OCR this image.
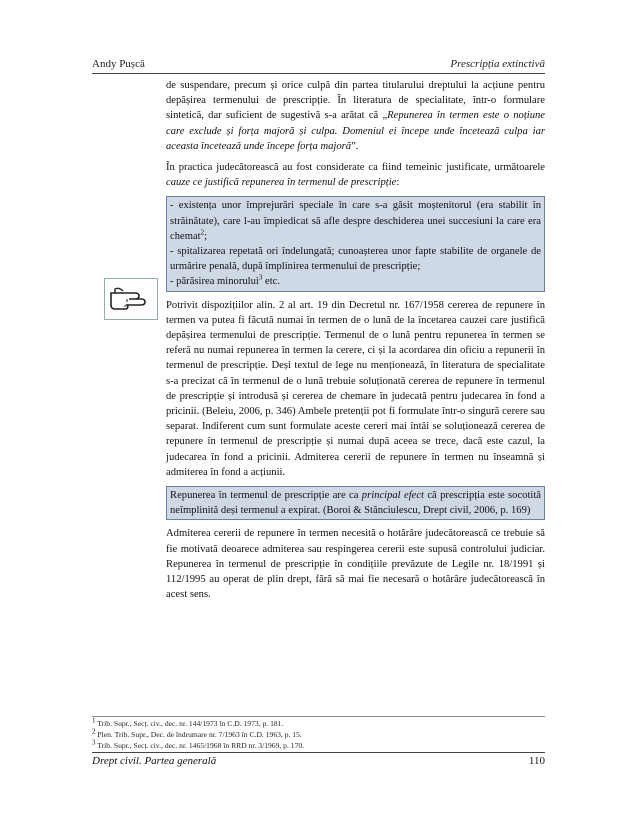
Andy Pușcă	Prescripția extinctivă

de suspendare, precum și orice culpă din partea titularului dreptului la acțiune pentru depășirea termenului de prescripție. În literatura de specialitate, într-o formulare sintetică, dar suficient de sugestivă s-a arătat că „Repunerea în termen este o noțiune care exclude și forța majoră și culpa. Domeniul ei începe unde încetează culpa iar aceasta încetează unde începe forța majoră”.

În practica judecătorească au fost considerate ca fiind temeinic justificate, următoarele cauze ce justifică repunerea în termenul de prescripție:

- existența unor împrejurări speciale în care s-a găsit moștenitorul (era stabilit în străinătate), care l-au împiedicat să afle despre deschiderea unei succesiuni la care era chemat$^2$;

- spitalizarea repetată ori îndelungată; cunoașterea unor fapte stabilite de organele de urmărire penală, după împlinirea termenului de prescripție;

- părăsirea minorului$^3$ etc.

Potrivit dispozițiilor alin. 2 al art. 19 din Decretul nr. 167/1958 cererea de repunere în termen va putea fi făcută numai în termen de o lună de la încetarea cauzei care justifică depășirea termenului de prescripție. Termenul de o lună pentru repunerea în termen se referă nu numai repunerea în termen la cerere, ci și la acordarea din oficiu a repunerii în termenul de prescripție. Deși textul de lege nu menționează, în literatura de specialitate s-a precizat că în termenul de o lună trebuie soluționată cererea de repunere în termenul de prescripție și introdusă și cererea de chemare în judecată pentru judecarea în fond a pricinii. (Beleiu, 2006, p. 346) Ambele pretenții pot fi formulate într-o singură cerere sau separat. Indiferent cum sunt formulate aceste cereri mai întâi se soluționează cererea de repunere în termenul de prescripție și numai după aceea se trece, dacă este cazul, la judecarea în fond a pricinii. Admiterea cererii de repunere în termen nu înseamnă și admiterea în fond a acțiunii.

Repunerea în termenul de prescripție are ca principal efect că prescripția este socotită neîmplinită deși termenul a expirat. (Boroi & Stănciulescu, Drept civil, 2006, p. 169)

Admiterea cererii de repunere în termen necesită o hotărâre judecătorească ce trebuie să fie motivată deoarece admiterea sau respingerea cererii este supusă controlului judiciar. Repunerea în termenul de prescripție în condițiile prevăzute de Legile nr. 18/1991 și 112/1995 au operat de plin drept, fără să mai fie necesară o hotărâre judecătorească în acest sens.

$^1$ Trib. Supr., Secț. civ., dec. nr. 144/1973 în C.D. 1973, p. 181.
$^2$ Plen. Trib. Supr., Dec. de îndrumare nr. 7/1963 în C.D. 1963, p. 15.
$^3$ Trib. Supr., Secț. civ., dec. nr. 1465/1968 în RRD nr. 3/1969, p. 170.
Drept civil. Partea generală	110
